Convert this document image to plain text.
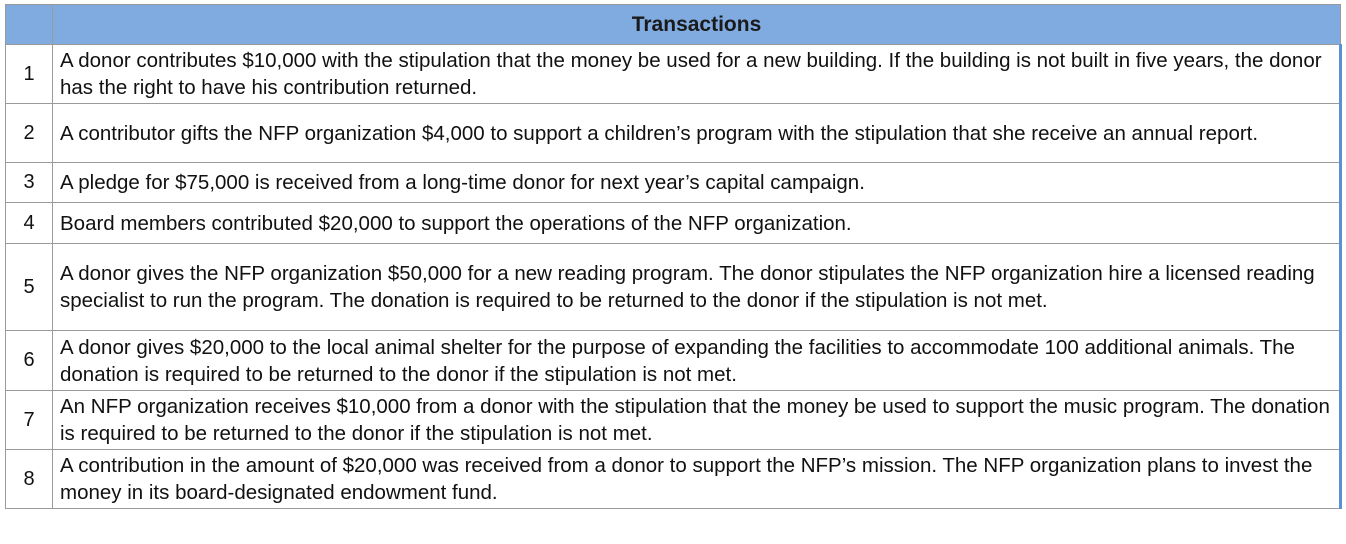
	Transactions
1	A donor contributes $10,000 with the stipulation that the money be used for a new building. If the building is not built in five years, the donor has the right to have his contribution returned.
2	A contributor gifts the NFP organization $4,000 to support a children’s program with the stipulation that she receive an annual report.
3	A pledge for $75,000 is received from a long-time donor for next year’s capital campaign.
4	Board members contributed $20,000 to support the operations of the NFP organization.
5	A donor gives the NFP organization $50,000 for a new reading program. The donor stipulates the NFP organization hire a licensed reading specialist to run the program. The donation is required to be returned to the donor if the stipulation is not met.
6	A donor gives $20,000 to the local animal shelter for the purpose of expanding the facilities to accommodate 100 additional animals. The donation is required to be returned to the donor if the stipulation is not met.
7	An NFP organization receives $10,000 from a donor with the stipulation that the money be used to support the music program. The donation is required to be returned to the donor if the stipulation is not met.
8	A contribution in the amount of $20,000 was received from a donor to support the NFP’s mission. The NFP organization plans to invest the money in its board-designated endowment fund.
